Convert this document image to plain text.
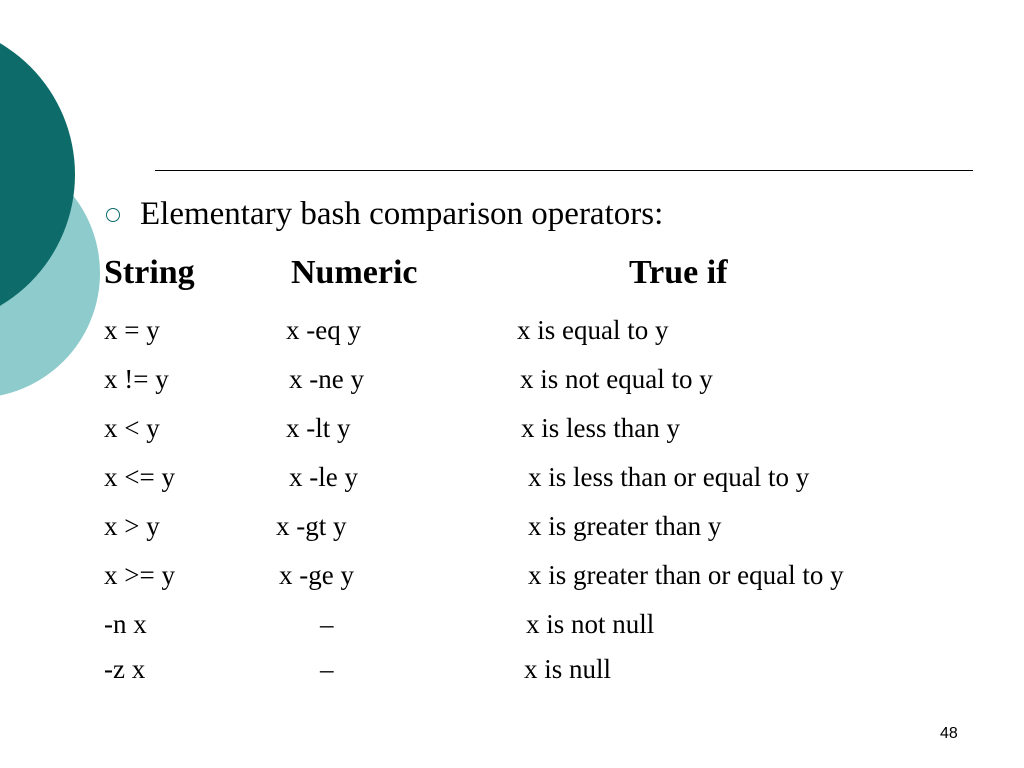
Elementary bash comparison operators:
String	Numeric	True if
x = y	x -eq y	x is equal to y
x != y	x -ne y	x is not equal to y
x < y	x -lt y	x is less than y
x <= y	x -le y	x is less than or equal to y
x > y	x -gt y	x is greater than y
x >= y	x -ge y	x is greater than or equal to y
-n x	–	x is not null
-z x	–	x is null
48
